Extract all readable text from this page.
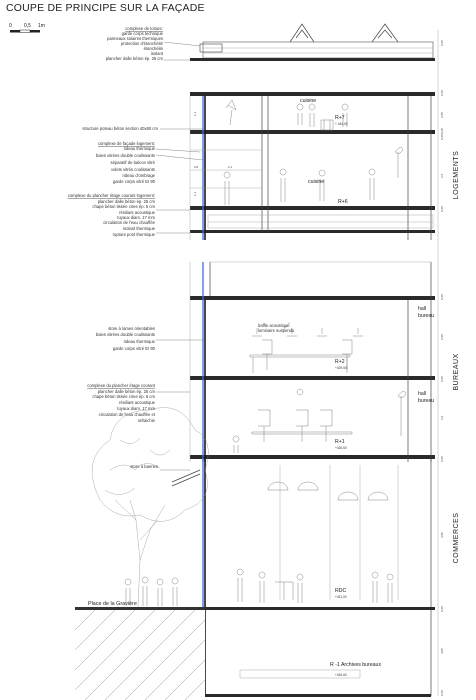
COUPE DE PRINCIPE SUR LA FAÇADE
0 0,5 1m	complexe de toiture:
garde corps technique
panneaux solaires thermiques
protection d'étanchéité
étanchéité
isolant
plancher dalle béton ép. 25 cm
structure poteau béton section 40x60 cm
complexe de façade logement:
rideau thermique
baies vitrées double coulissants
séparatif de balcon vitré
volets vitrés coulissants
rideau d'ombrage
garde corps vitré EI 90
complexe du plancher étage courant logement:
plancher dalle béton ép. 25 cm
chape béton tissée ciree ép. 5 cm
résiliant acoustique
tuyaux diam. 17 mm
circulation de l'eau chauffée
isolant thermique
rupture pont thermique
store à lames orientables
baies vitrées double coulissants
rideau thermique
garde corps vitré EI 90
complexe du plancher étage courant
plancher dalle béton ép. 25 cm
chape béton tissée ciree ép. 5 cm
résiliant acoustique
tuyaux diam. 17 mm
circulation de l'eau chauffée et
rafraichie
store à bannes
baffle acoustique
luminaire suspendu
cuisine
cuisine
hall
bureau
hall
bureau
R -1 Archives bureaux
R+7
+ 444,00
R+6
+441,10
R+2
+429,50
R+1
+426,60
RDC
+421,00
+416,60
LOGEMENTS
BUREAUX
COMMERCES
Place de la Gravière
0,35
0,25
0,25
2,65
0,25
2,6
0,25
0,25
2,65
0,25
3,2
0,25
4,55
0,25
4,05
0,25
1,1
0,8	2,1
1,1
